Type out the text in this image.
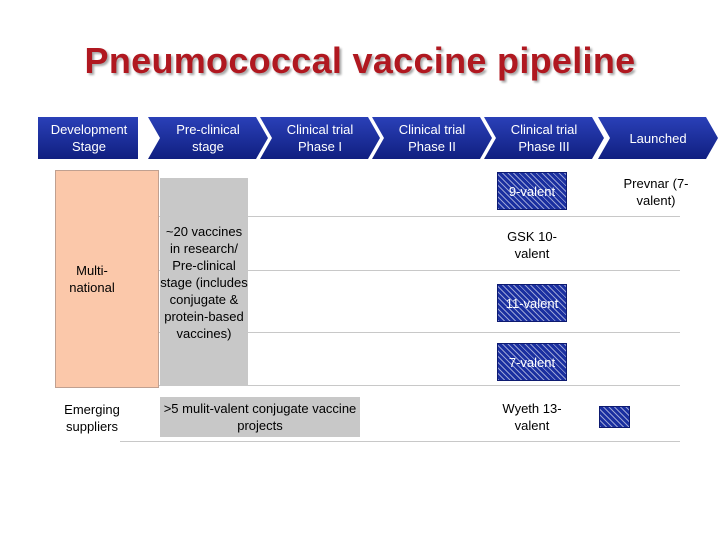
Pneumococcal vaccine pipeline
Development Stage
Pre-clinical stage
Clinical trial Phase I
Clinical trial Phase II
Clinical trial Phase III
Launched
Multi-national
Emerging suppliers
~20 vaccines in research/ Pre-clinical stage (includes conjugate & protein-based vaccines)
>5 mulit-valent conjugate vaccine projects
9-valent
GSK 10-valent
11-valent
7-valent
Wyeth 13-valent
Prevnar (7-valent)
